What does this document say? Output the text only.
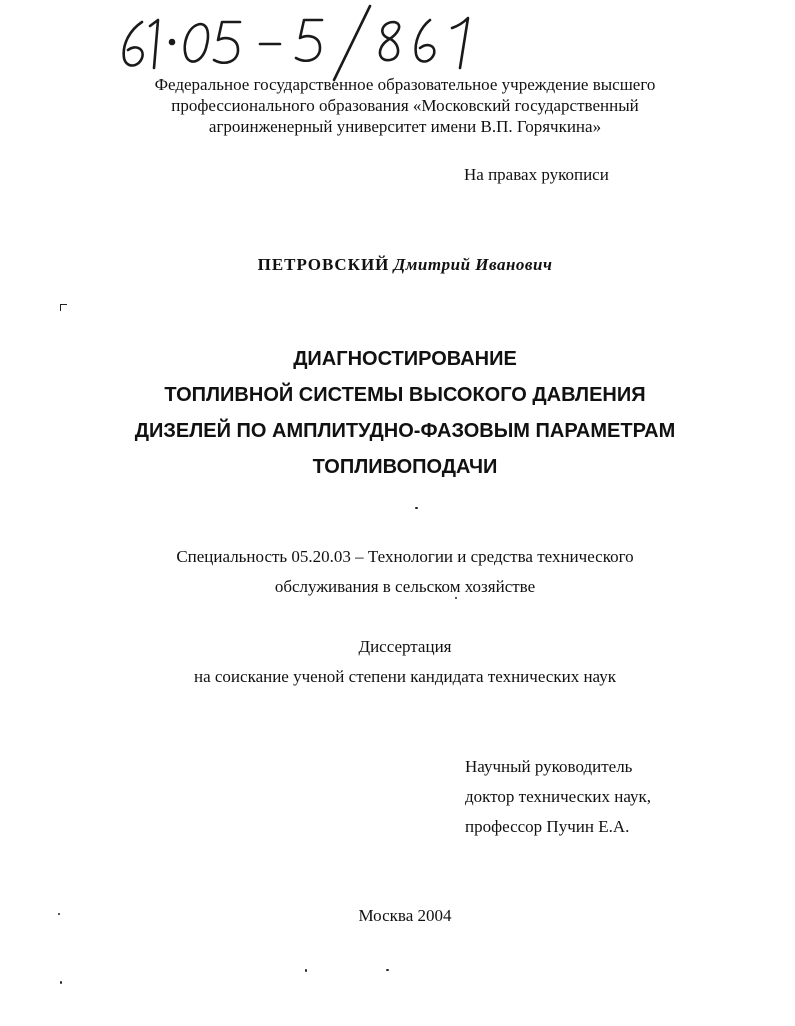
Федеральное государственное образовательное учреждение высшего
профессионального образования «Московский государственный
агроинженерный университет имени В.П. Горячкина»
На правах рукописи
ПЕТРОВСКИЙ Дмитрий Иванович
ДИАГНОСТИРОВАНИЕ
ТОПЛИВНОЙ СИСТЕМЫ ВЫСОКОГО ДАВЛЕНИЯ
ДИЗЕЛЕЙ ПО АМПЛИТУДНО-ФАЗОВЫМ ПАРАМЕТРАМ
ТОПЛИВОПОДАЧИ
Специальность 05.20.03 – Технологии и средства технического
обслуживания в сельском хозяйстве
Диссертация
на соискание ученой степени кандидата технических наук
Научный руководитель
доктор технических наук,
профессор Пучин Е.А.
Москва 2004
